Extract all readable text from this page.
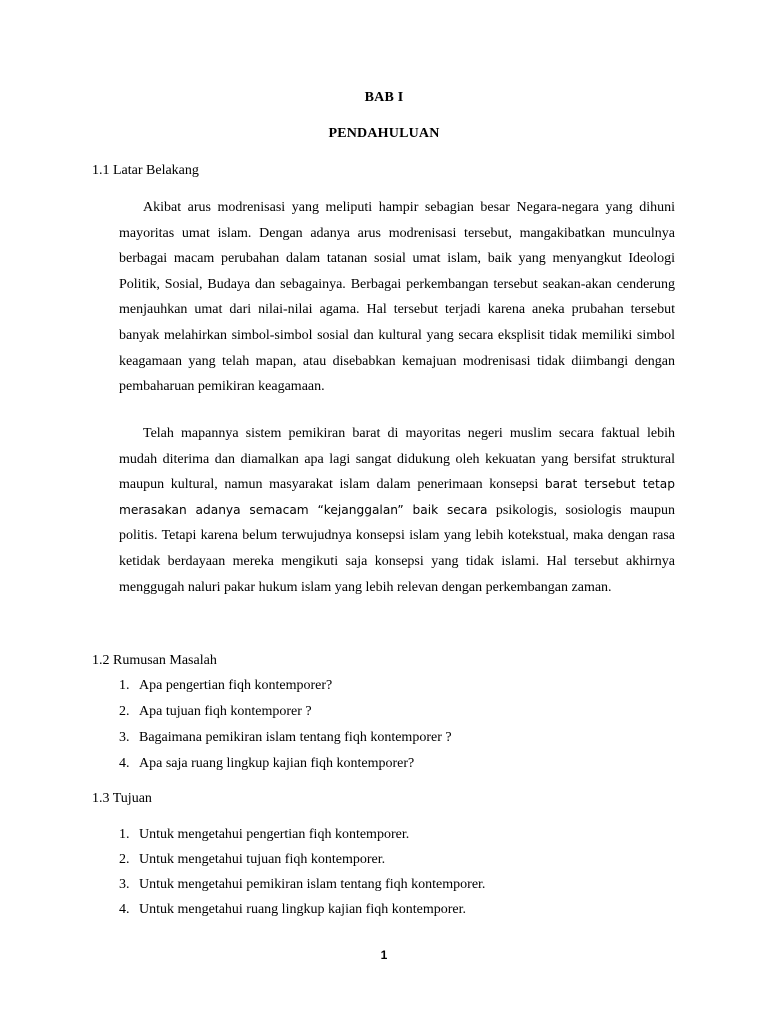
BAB I
PENDAHULUAN
1.1 Latar Belakang

Akibat arus modrenisasi yang meliputi hampir sebagian besar Negara-negara yang dihuni mayoritas umat islam. Dengan adanya arus modrenisasi tersebut, mangakibatkan munculnya berbagai macam perubahan dalam tatanan sosial umat islam, baik yang menyangkut Ideologi Politik, Sosial, Budaya dan sebagainya. Berbagai perkembangan tersebut seakan-akan cenderung menjauhkan umat dari nilai-nilai agama. Hal tersebut terjadi karena aneka prubahan tersebut banyak melahirkan simbol-simbol sosial dan kultural yang secara eksplisit tidak memiliki simbol keagamaan yang telah mapan, atau disebabkan kemajuan modrenisasi tidak diimbangi dengan pembaharuan pemikiran keagamaan.

Telah mapannya sistem pemikiran barat di mayoritas negeri muslim secara faktual lebih mudah diterima dan diamalkan apa lagi sangat didukung oleh kekuatan yang bersifat struktural maupun kultural, namun masyarakat islam dalam penerimaan konsepsi barat tersebut tetap merasakan adanya semacam “kejanggalan” baik secara psikologis, sosiologis maupun politis. Tetapi karena belum terwujudnya konsepsi islam yang lebih kotekstual, maka dengan rasa ketidak berdayaan mereka mengikuti saja konsepsi yang tidak islami. Hal tersebut akhirnya menggugah naluri pakar hukum islam yang lebih relevan dengan perkembangan zaman.

1.2 Rumusan Masalah
1. Apa pengertian fiqh kontemporer?
2. Apa tujuan fiqh kontemporer ?
3. Bagaimana pemikiran islam tentang fiqh kontemporer ?
4. Apa saja ruang lingkup kajian fiqh kontemporer?
1.3 Tujuan
1. Untuk mengetahui pengertian fiqh kontemporer.
2. Untuk mengetahui tujuan fiqh kontemporer.
3. Untuk mengetahui pemikiran islam tentang fiqh kontemporer.
4. Untuk mengetahui ruang lingkup kajian fiqh kontemporer.
1
